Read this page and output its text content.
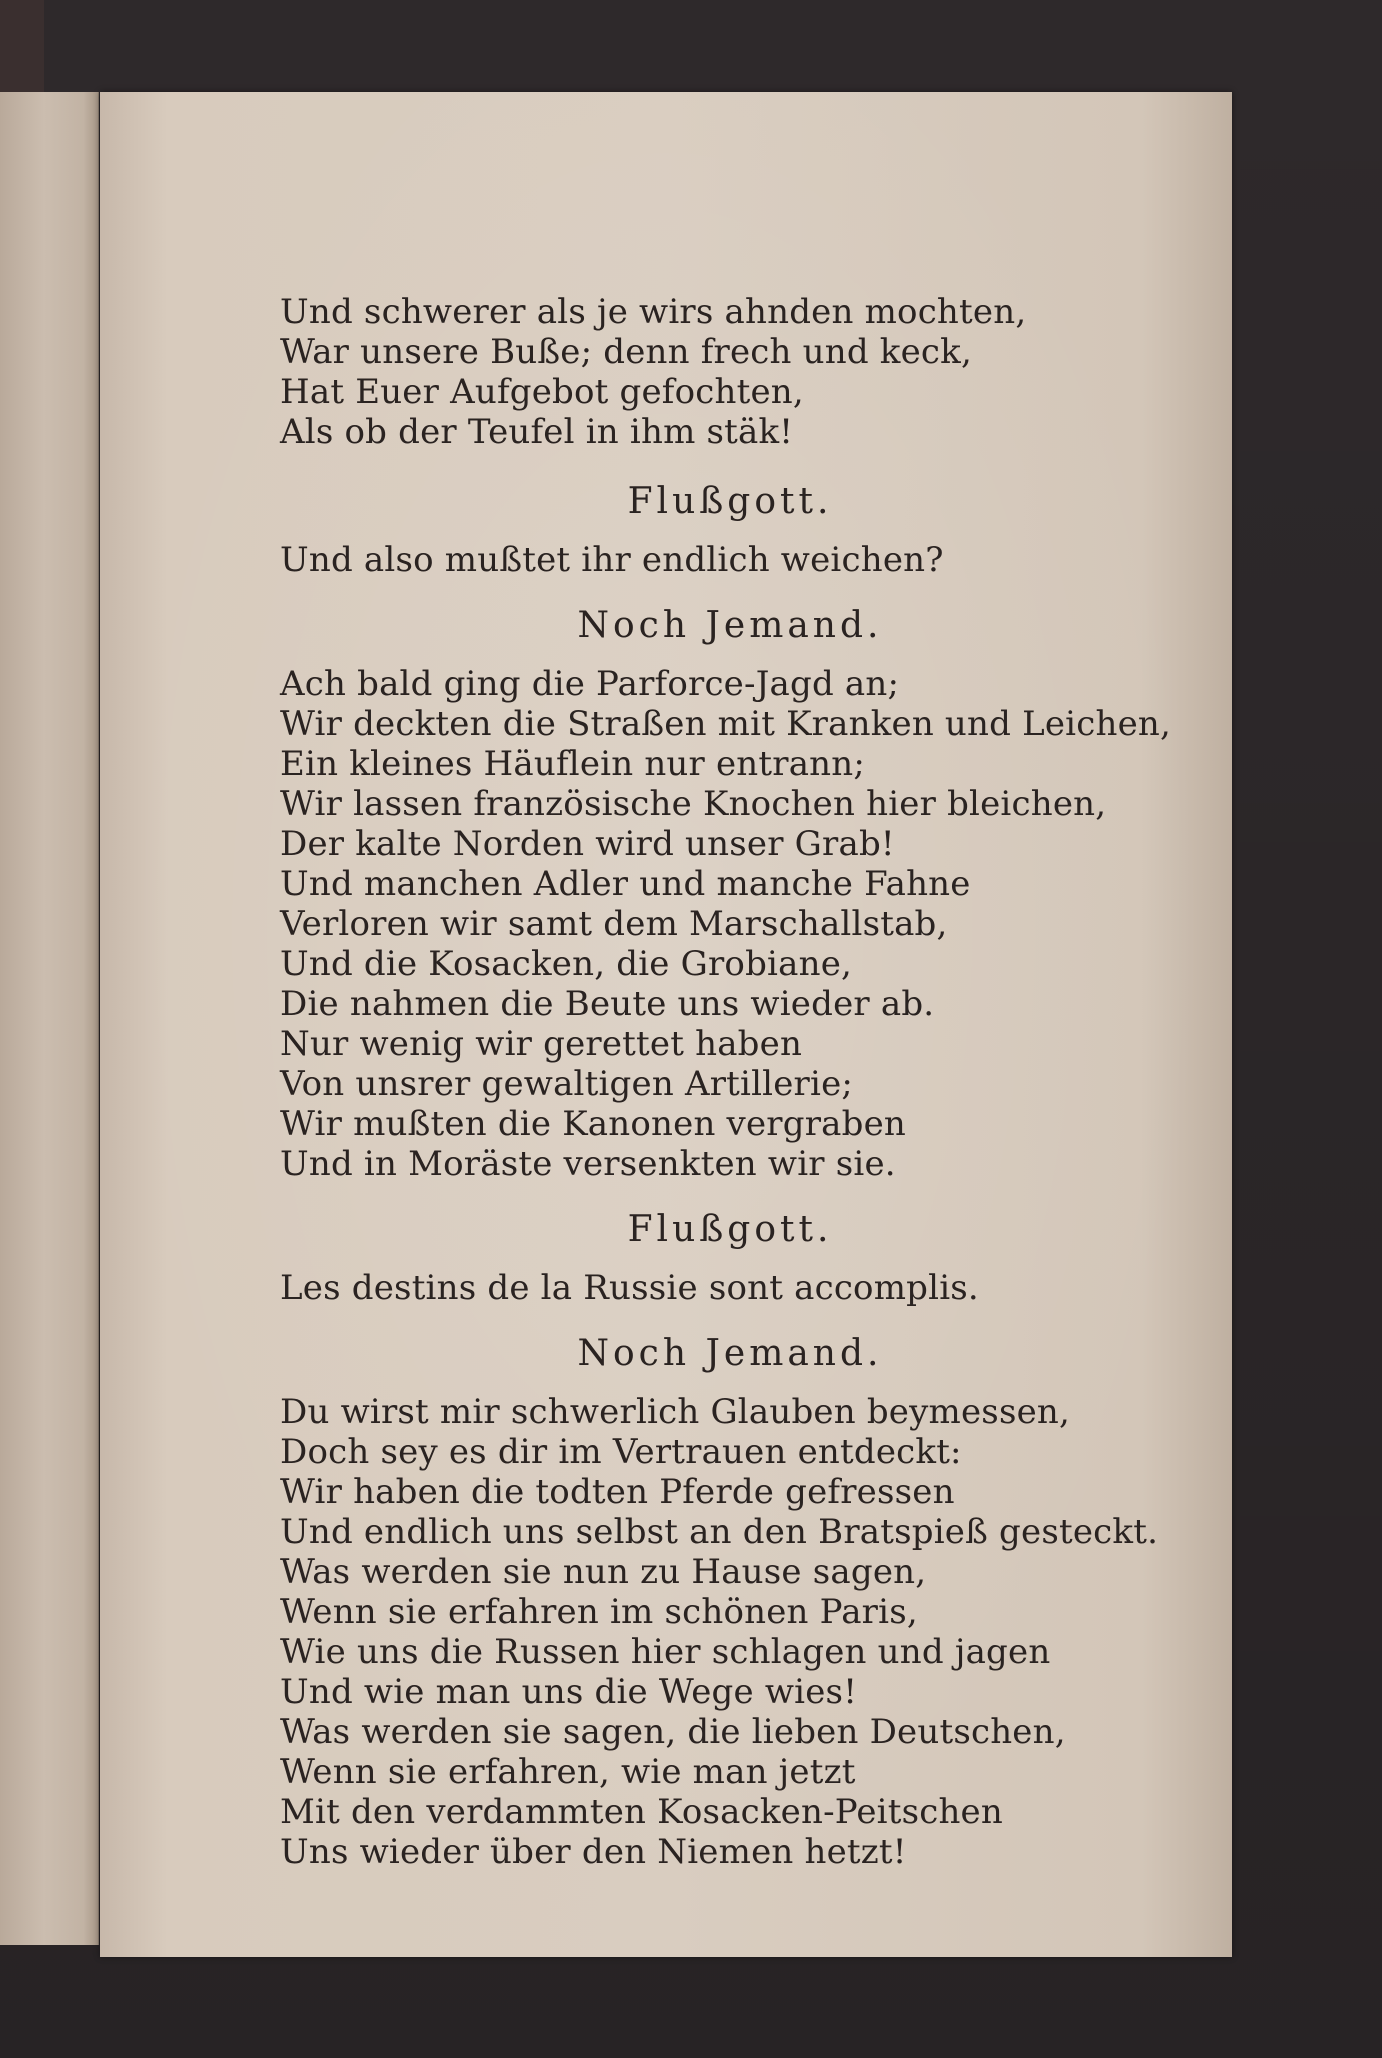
Und schwerer als je wirs ahnden mochten,
War unsere Buße; denn frech und keck,
Hat Euer Aufgebot gefochten,
Als ob der Teufel in ihm stäk!
Flußgott.
Und also mußtet ihr endlich weichen?
Noch Jemand.
Ach bald ging die Parforce-Jagd an;
Wir deckten die Straßen mit Kranken und Leichen,
Ein kleines Häuflein nur entrann;
Wir lassen französische Knochen hier bleichen,
Der kalte Norden wird unser Grab!
Und manchen Adler und manche Fahne
Verloren wir samt dem Marschallstab,
Und die Kosacken, die Grobiane,
Die nahmen die Beute uns wieder ab.
Nur wenig wir gerettet haben
Von unsrer gewaltigen Artillerie;
Wir mußten die Kanonen vergraben
Und in Moräste versenkten wir sie.
Flußgott.
Les destins de la Russie sont accomplis.
Noch Jemand.
Du wirst mir schwerlich Glauben beymessen,
Doch sey es dir im Vertrauen entdeckt:
Wir haben die todten Pferde gefressen
Und endlich uns selbst an den Bratspieß gesteckt.
Was werden sie nun zu Hause sagen,
Wenn sie erfahren im schönen Paris,
Wie uns die Russen hier schlagen und jagen
Und wie man uns die Wege wies!
Was werden sie sagen, die lieben Deutschen,
Wenn sie erfahren, wie man jetzt
Mit den verdammten Kosacken-Peitschen
Uns wieder über den Niemen hetzt!
